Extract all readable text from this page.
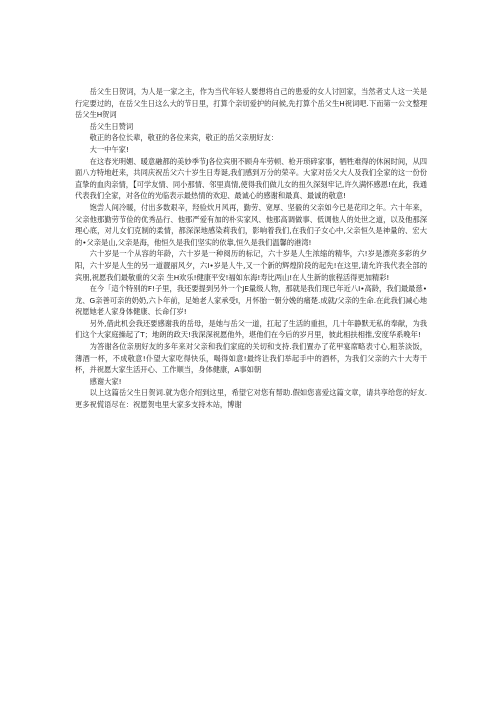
岳父生日贺词，为人是一家之主，作为当代年轻人要想将自己的患爱的女人讨回家，当然者丈人这一关是行定要过的，在岳父生日这么大的节日里，打算个亲切爱护的问候,先打算个岳父生H祝词吧.下而第一公文整理岳父生H贺词

岳父生日赞词

敬正的各位长辈，敬亚的各位来宾，敬正的岳父亲朋好友：

大一中午家!

在这春光明媚、暖意融都的美妙季节J各位宾朋不顾舟车劳顿、枪开琐碎家事，牺牲难得的休闲时间，从四面八方特地赶来，共同庆祝岳父六十岁生日寿诞,我们感到万分的荣辛。大家对岳父大人及我们全家的这一份份直挚的血肉亲情，【可学友情、同小那情、邻里真情,使得我们做儿女的扭久深刻牢记,许久满怀感恩!在此，我通代表我们全家，对各位的光临表示最热情的欢迎、最诚心的感谢和最真、最诚的敬意!

饱尝人间冷暖，付出多数艰辛，羟验炊月风再，勤劳、宽厚、坚毅的父亲如今已是花印之年。六十年来，父亲他那勤劳节俭的优秀品行、他那严爱有加的朴实家风、他那高调做事、低调他人的处世之道，以及他那深理心底，对儿女们克制的柔情，都深深地感染莉我们，影响着我们,在我们子女心中,父亲恒久是神量的、宏大的•父亲是山,父亲是海，他恒久是我们坚实的依靠,恒久是我们温馨的港湾!

六十岁是一个从容的年龄，六十岁是一种阅历的标记，六十岁是人生浓缩的精华，六!岁是漂亮多彩的夕阳，六十岁是人生的另一道靓丽风夕，六I•岁是人牛,又一个新的辉煌阶段的起先!在这里,请允许我代表全部的宾朋,祝愿我们最敬重的父亲 生H欢乐!健康平安!福如东海!寿比两山!在人生新的旅程活得更加精彩!

在今「這个特别的F!子里，我还要提到另外一个JE量级人物，那就是我们现已年近八I•高龄，我们最最慈•龙、G亲善可亲的奶奶,六卜年前，足她老人家承受I，月怀胎一朝分娩的痛楚.成就/父亲的生命.在此我们减心地祝愿她老人家身体健康、长命仃岁!

另外,借此机会我还要感谢我的岳母，是她与岳父一道，扛起了生活的重担，几十年静默无私的奉献，为我们这个大家庭操起了T；地朗的政天!我深深祝愿他外，堪他们在今后的岁月里，彼此相扶相推,安度华系晚年!

为答谢各位亲朋好友的多年来对父亲和我们家庭的关切和支持.我们置办了花甲宴席略表寸心,粗茶淡饭，薄酒一杯，不成敬意!仆望大家吃得快乐，喝得如意!最终让我们举起手中的酒杯，为我们父亲的六十大寿干杯，并祝愿大家生活开心、工作顺当，身体健康，A事如朝

感谢大家!

以上这篇岳父生日贺词.就为您介绍到这里，希望它对您有帮助.假如您喜爱这篇文章，请共享给您的好友.更多祝慌语尽在：祝愿贺电里大家多支持木站，博谢
